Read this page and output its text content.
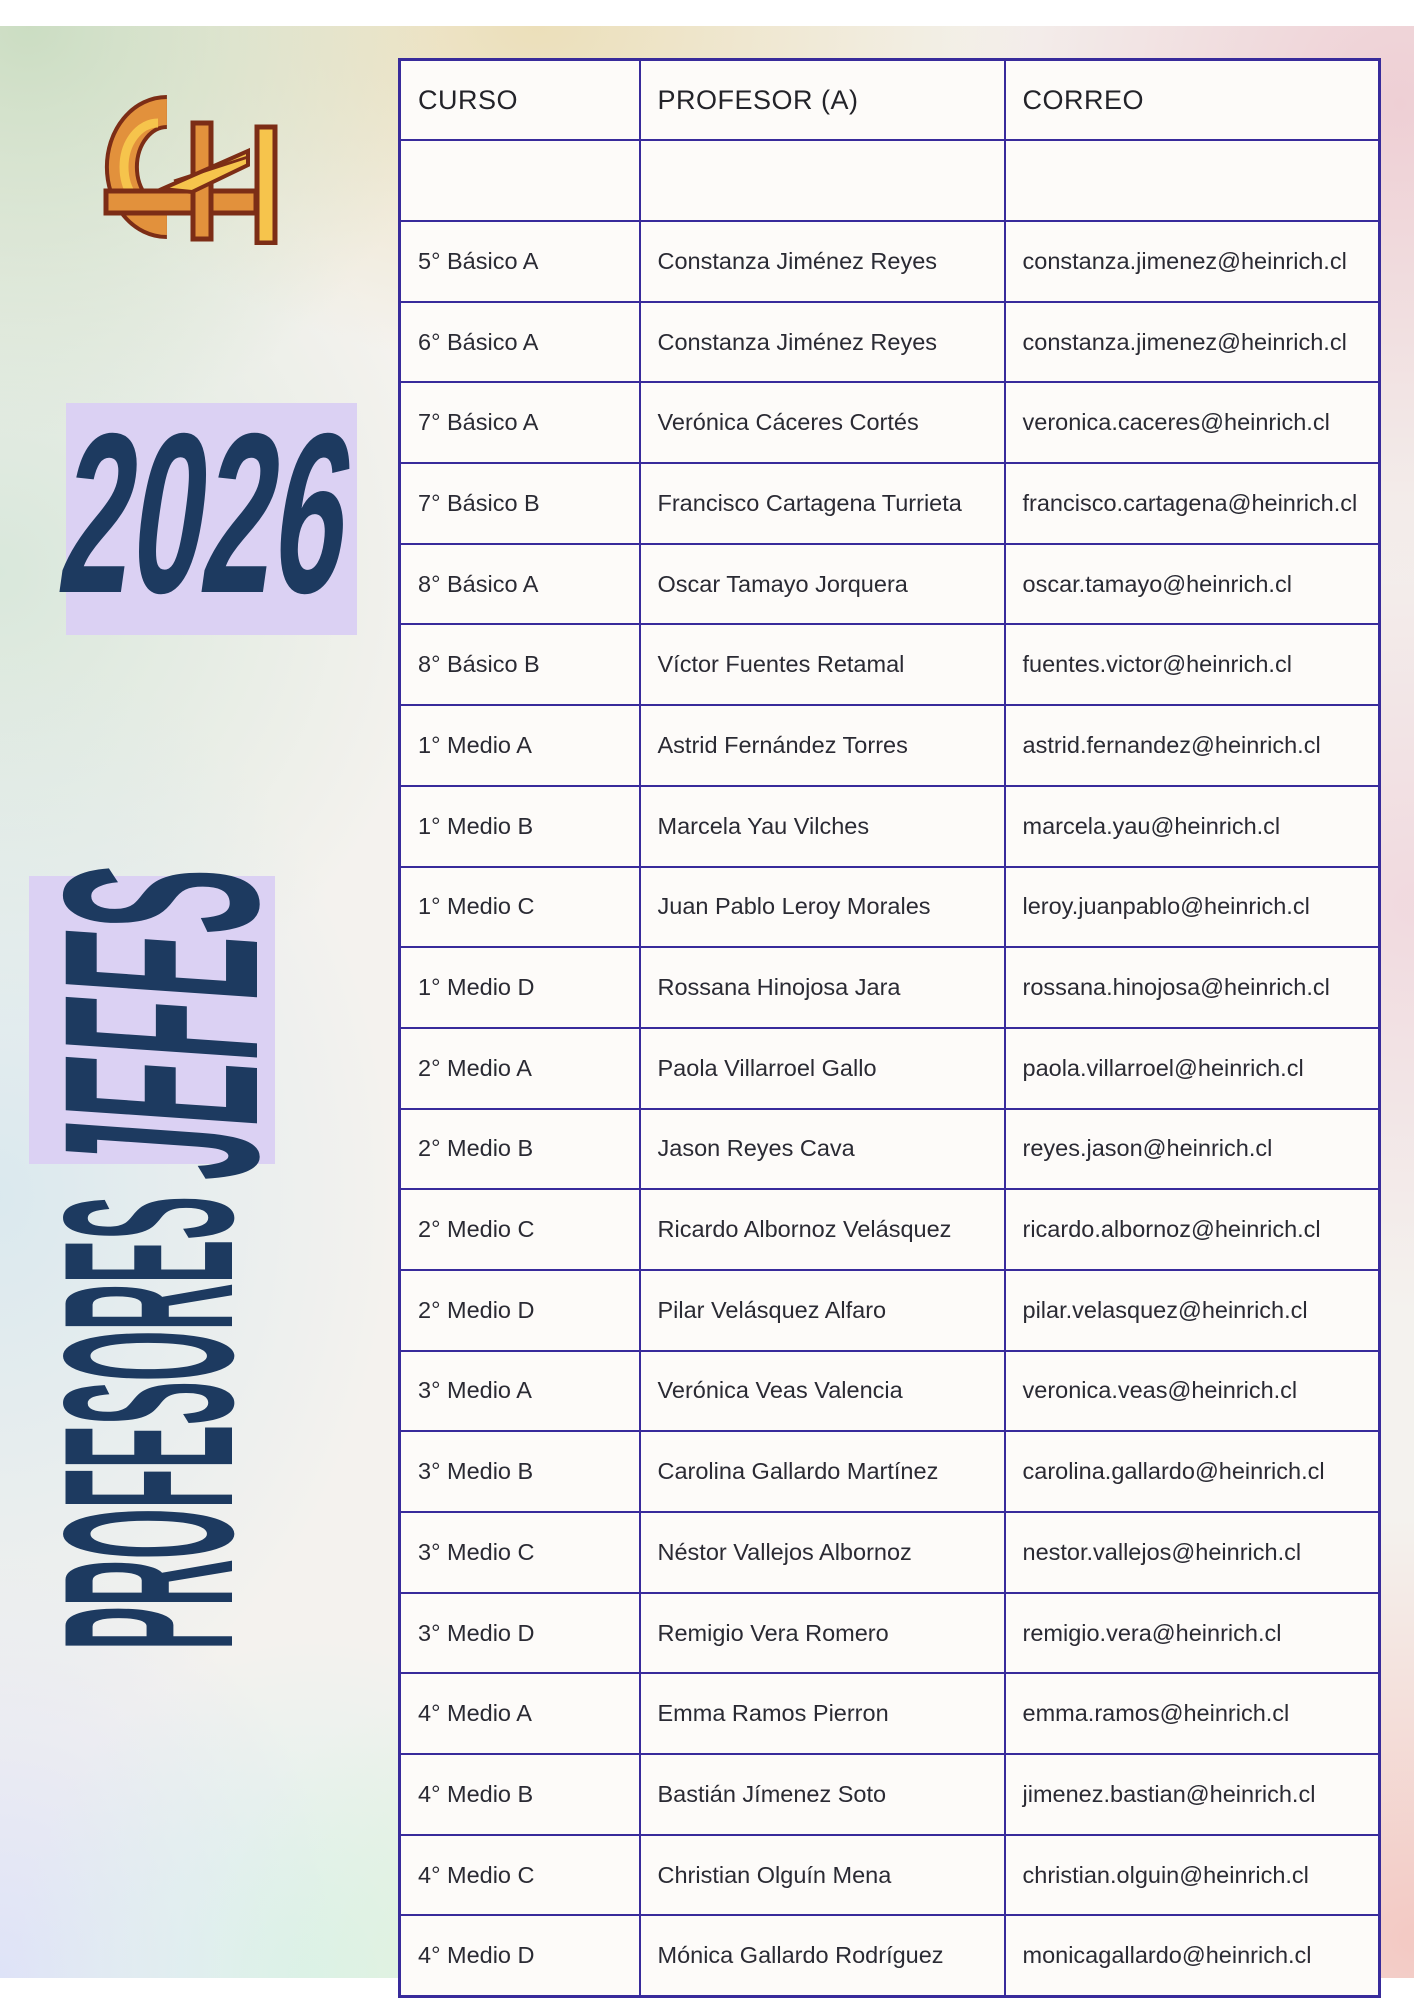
2026
JEFES
PROFESORES
CURSO	PROFESOR (A)	CORREO

5° Básico A	Constanza Jiménez Reyes	constanza.jimenez@heinrich.cl
6° Básico A	Constanza Jiménez Reyes	constanza.jimenez@heinrich.cl
7° Básico A	Verónica Cáceres Cortés	veronica.caceres@heinrich.cl
7° Básico B	Francisco Cartagena Turrieta	francisco.cartagena@heinrich.cl
8° Básico A	Oscar Tamayo Jorquera	oscar.tamayo@heinrich.cl
8° Básico B	Víctor Fuentes Retamal	fuentes.victor@heinrich.cl
1° Medio A	Astrid Fernández Torres	astrid.fernandez@heinrich.cl
1° Medio B	Marcela Yau Vilches	marcela.yau@heinrich.cl
1° Medio C	Juan Pablo Leroy Morales	leroy.juanpablo@heinrich.cl
1° Medio D	Rossana Hinojosa Jara	rossana.hinojosa@heinrich.cl
2° Medio A	Paola Villarroel Gallo	paola.villarroel@heinrich.cl
2° Medio B	Jason Reyes Cava	reyes.jason@heinrich.cl
2° Medio C	Ricardo Albornoz Velásquez	ricardo.albornoz@heinrich.cl
2° Medio D	Pilar Velásquez Alfaro	pilar.velasquez@heinrich.cl
3° Medio A	Verónica Veas Valencia	veronica.veas@heinrich.cl
3° Medio B	Carolina Gallardo Martínez	carolina.gallardo@heinrich.cl
3° Medio C	Néstor Vallejos Albornoz	nestor.vallejos@heinrich.cl
3° Medio D	Remigio Vera Romero	remigio.vera@heinrich.cl
4° Medio A	Emma Ramos Pierron	emma.ramos@heinrich.cl
4° Medio B	Bastián Jímenez Soto	jimenez.bastian@heinrich.cl
4° Medio C	Christian Olguín Mena	christian.olguin@heinrich.cl
4° Medio D	Mónica Gallardo Rodríguez	monicagallardo@heinrich.cl
